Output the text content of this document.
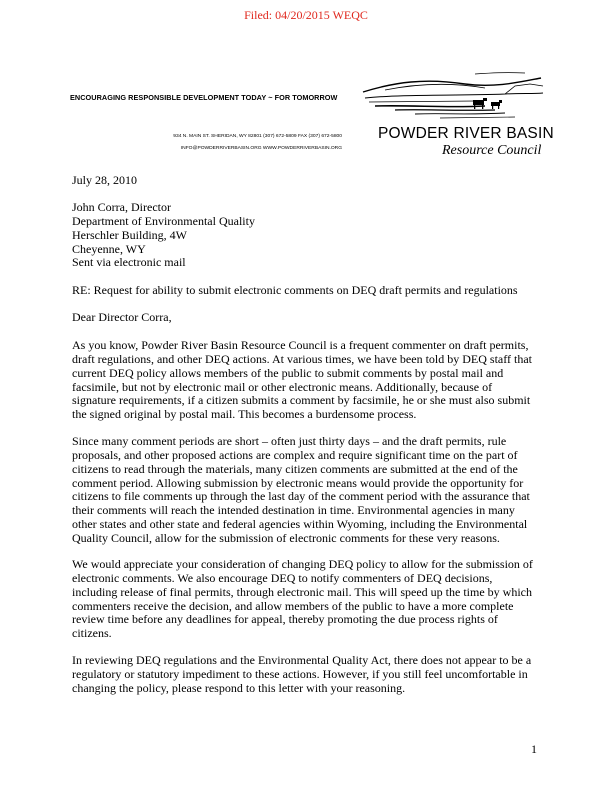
Filed: 04/20/2015 WEQC
ENCOURAGING RESPONSIBLE DEVELOPMENT TODAY ~ FOR TOMORROW
934 N. MAIN ST. SHERIDAN, WY 82801 (307) 672-5809 FAX (307) 672-5800
INFO@POWDERRIVERBASIN.ORG WWW.POWDERRIVERBASIN.ORG
POWDER RIVER BASIN
Resource Council
July 28, 2010
John Corra, Director
Department of Environmental Quality
Herschler Building, 4W
Cheyenne, WY
Sent via electronic mail
RE: Request for ability to submit electronic comments on DEQ draft permits and regulations
Dear Director Corra,
As you know, Powder River Basin Resource Council is a frequent commenter on draft permits,
draft regulations, and other DEQ actions. At various times, we have been told by DEQ staff that
current DEQ policy allows members of the public to submit comments by postal mail and
facsimile, but not by electronic mail or other electronic means. Additionally, because of
signature requirements, if a citizen submits a comment by facsimile, he or she must also submit
the signed original by postal mail. This becomes a burdensome process.
Since many comment periods are short – often just thirty days – and the draft permits, rule
proposals, and other proposed actions are complex and require significant time on the part of
citizens to read through the materials, many citizen comments are submitted at the end of the
comment period. Allowing submission by electronic means would provide the opportunity for
citizens to file comments up through the last day of the comment period with the assurance that
their comments will reach the intended destination in time. Environmental agencies in many
other states and other state and federal agencies within Wyoming, including the Environmental
Quality Council, allow for the submission of electronic comments for these very reasons.
We would appreciate your consideration of changing DEQ policy to allow for the submission of
electronic comments. We also encourage DEQ to notify commenters of DEQ decisions,
including release of final permits, through electronic mail. This will speed up the time by which
commenters receive the decision, and allow members of the public to have a more complete
review time before any deadlines for appeal, thereby promoting the due process rights of
citizens.
In reviewing DEQ regulations and the Environmental Quality Act, there does not appear to be a
regulatory or statutory impediment to these actions. However, if you still feel uncomfortable in
changing the policy, please respond to this letter with your reasoning.
1
